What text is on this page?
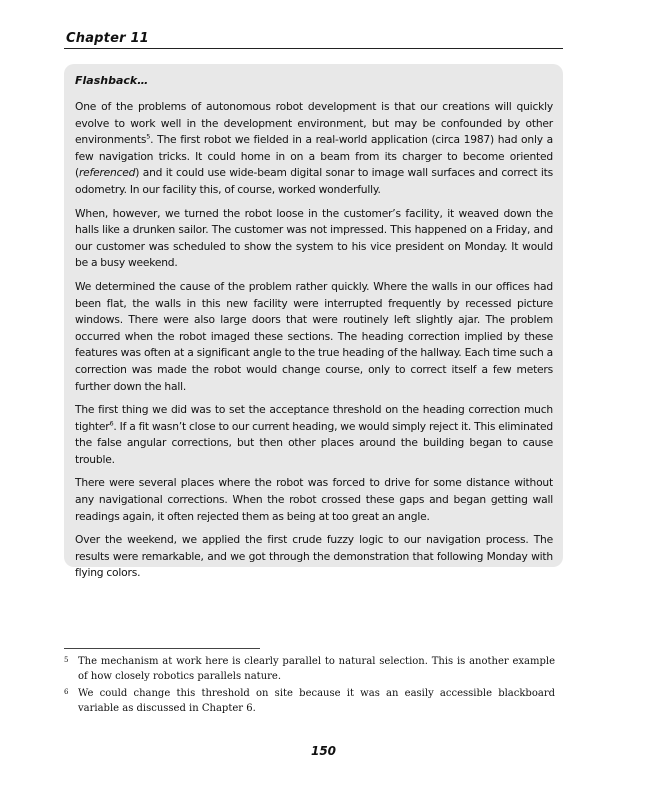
Chapter 11
Flashback…

One of the problems of autonomous robot development is that our creations will quickly evolve to work well in the development environment, but may be confounded by other environments$^5$. The first robot we fielded in a real-world application (circa 1987) had only a few navigation tricks. It could home in on a beam from its charger to become oriented (referenced) and it could use wide-beam digital sonar to image wall surfaces and correct its odometry. In our facility this, of course, worked wonderfully.

When, however, we turned the robot loose in the customer’s facility, it weaved down the halls like a drunken sailor. The customer was not impressed. This happened on a Friday, and our customer was scheduled to show the system to his vice president on Monday. It would be a busy weekend.

We determined the cause of the problem rather quickly. Where the walls in our offices had been flat, the walls in this new facility were interrupted frequently by recessed picture windows. There were also large doors that were routinely left slightly ajar. The problem occurred when the robot imaged these sections. The heading correction implied by these features was often at a significant angle to the true heading of the hallway. Each time such a correction was made the robot would change course, only to correct itself a few meters further down the hall.

The first thing we did was to set the acceptance threshold on the heading correction much tighter$^6$. If a fit wasn’t close to our current heading, we would simply reject it. This eliminated the false angular corrections, but then other places around the building began to cause trouble.

There were several places where the robot was forced to drive for some distance without any navigational corrections. When the robot crossed these gaps and began getting wall readings again, it often rejected them as being at too great an angle.

Over the weekend, we applied the first crude fuzzy logic to our navigation process. The results were remarkable, and we got through the demonstration that following Monday with flying colors.

5 The mechanism at work here is clearly parallel to natural selection. This is another example of how closely robotics parallels nature.
6 We could change this threshold on site because it was an easily accessible blackboard variable as discussed in Chapter 6.
150
